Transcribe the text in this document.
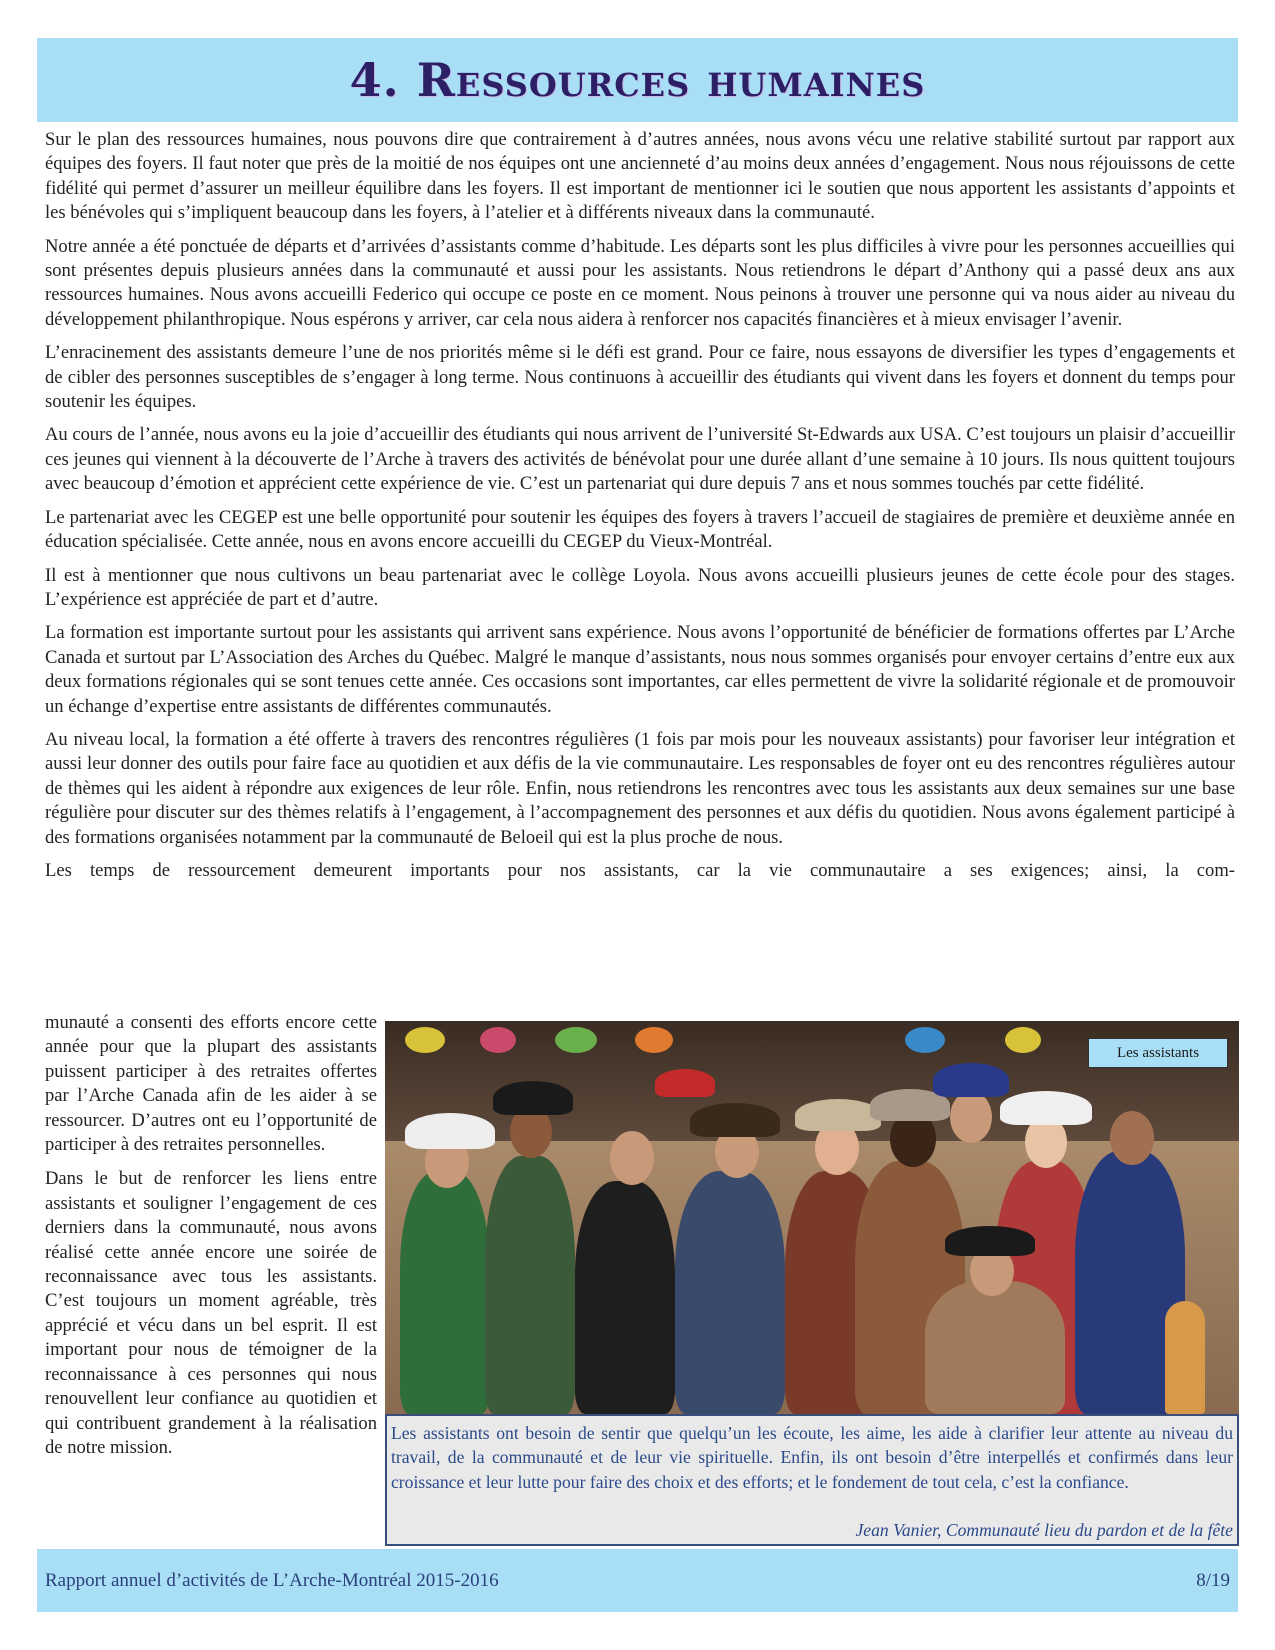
4. Ressources humaines

Sur le plan des ressources humaines, nous pouvons dire que contrairement à d’autres années, nous avons vécu une relative stabilité surtout par rapport aux équipes des foyers. Il faut noter que près de la moitié de nos équipes ont une ancienneté d’au moins deux années d’engagement. Nous nous réjouissons de cette fidélité qui permet d’assurer un meilleur équilibre dans les foyers. Il est important de mentionner ici le soutien que nous apportent les assistants d’appoints et les bénévoles qui s’impliquent beaucoup dans les foyers, à l’atelier et à différents niveaux dans la communauté.

Notre année a été ponctuée de départs et d’arrivées d’assistants comme d’habitude. Les départs sont les plus difficiles à vivre pour les personnes accueillies qui sont présentes depuis plusieurs années dans la communauté et aussi pour les assistants. Nous retiendrons le départ d’Anthony qui a passé deux ans aux ressources humaines. Nous avons accueilli Federico qui occupe ce poste en ce moment. Nous peinons à trouver une personne qui va nous aider au niveau du développement philanthropique. Nous espérons y arriver, car cela nous aidera à renforcer nos capacités financières et à mieux envisager l’avenir.

L’enracinement des assistants demeure l’une de nos priorités même si le défi est grand. Pour ce faire, nous essayons de diversifier les types d’engagements et de cibler des personnes susceptibles de s’engager à long terme. Nous continuons à accueillir des étudiants qui vivent dans les foyers et donnent du temps pour soutenir les équipes.

Au cours de l’année, nous avons eu la joie d’accueillir des étudiants qui nous arrivent de l’université St-Edwards aux USA. C’est toujours un plaisir d’accueillir ces jeunes qui viennent à la découverte de l’Arche à travers des activités de bénévolat pour une durée allant d’une semaine à 10 jours. Ils nous quittent toujours avec beaucoup d’émotion et apprécient cette expérience de vie. C’est un partenariat qui dure depuis 7 ans et nous sommes touchés par cette fidélité.

Le partenariat avec les CEGEP est une belle opportunité pour soutenir les équipes des foyers à travers l’accueil de stagiaires de première et deuxième année en éducation spécialisée. Cette année, nous en avons encore accueilli du CEGEP du Vieux-Montréal.

Il est à mentionner que nous cultivons un beau partenariat avec le collège Loyola. Nous avons accueilli plusieurs jeunes de cette école pour des stages. L’expérience est appréciée de part et d’autre.

La formation est importante surtout pour les assistants qui arrivent sans expérience. Nous avons l’opportunité de bénéficier de formations offertes par L’Arche Canada et surtout par L’Association des Arches du Québec. Malgré le manque d’assistants, nous nous sommes organisés pour envoyer certains d’entre eux aux deux formations régionales qui se sont tenues cette année. Ces occasions sont importantes, car elles permettent de vivre la solidarité régionale et de promouvoir un échange d’expertise entre assistants de différentes communautés.

Au niveau local, la formation a été offerte à travers des rencontres régulières (1 fois par mois pour les nouveaux assistants) pour favoriser leur intégration et aussi leur donner des outils pour faire face au quotidien et aux défis de la vie communautaire. Les responsables de foyer ont eu des rencontres régulières autour de thèmes qui les aident à répondre aux exigences de leur rôle. Enfin, nous retiendrons les rencontres avec tous les assistants aux deux semaines sur une base régulière pour discuter sur des thèmes relatifs à l’engagement, à l’accompagnement des personnes et aux défis du quotidien. Nous avons également participé à des formations organisées notamment par la communauté de Beloeil qui est la plus proche de nous.

Les temps de ressourcement demeurent importants pour nos assistants, car la vie communautaire a ses exigences; ainsi, la com-

munauté a consenti des efforts encore cette année pour que la plupart des assistants puissent participer à des retraites offertes par l’Arche Canada afin de les aider à se ressourcer. D’autres ont eu l’opportunité de participer à des retraites personnelles.

Dans le but de renforcer les liens entre assistants et souligner l’engagement de ces derniers dans la communauté, nous avons réalisé cette année encore une soirée de reconnaissance avec tous les assistants. C’est toujours un moment agréable, très apprécié et vécu dans un bel esprit. Il est important pour nous de témoigner de la reconnaissance à ces personnes qui nous renouvellent leur confiance au quotidien et qui contribuent grandement à la réalisation de notre mission.

Les assistants

Les assistants ont besoin de sentir que quelqu’un les écoute, les aime, les aide à clarifier leur attente au niveau du travail, de la communauté et de leur vie spirituelle. Enfin, ils ont besoin d’être interpellés et confirmés dans leur croissance et leur lutte pour faire des choix et des efforts; et le fondement de tout cela, c’est la confiance.

Jean Vanier, Communauté lieu du pardon et de la fête
Rapport annuel d’activités de L’Arche-Montréal 2015-2016	8/19
